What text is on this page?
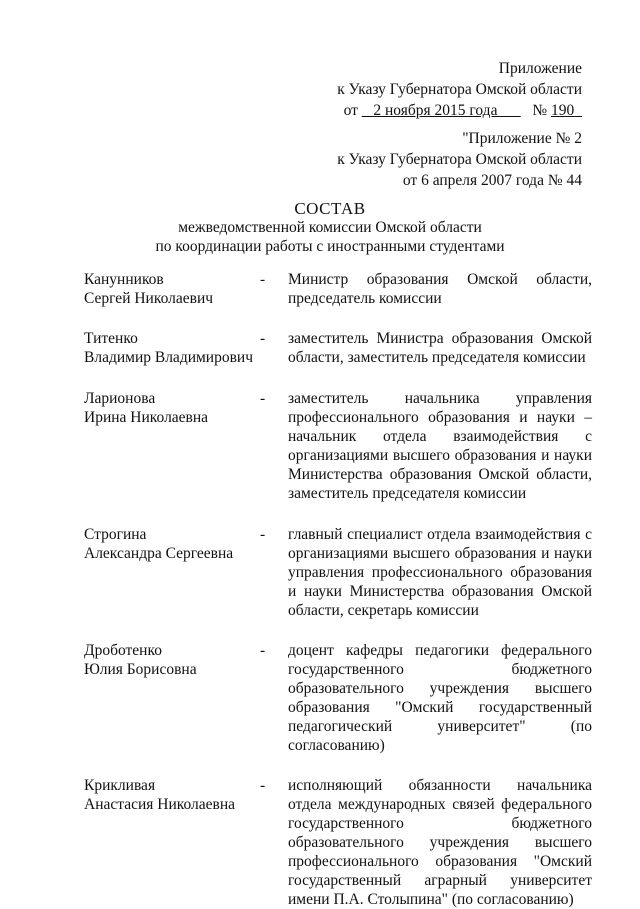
Приложение
к Указу Губернатора Омской области
от 2 ноября 2015 года № 190
"Приложение № 2
к Указу Губернатора Омской области
от 6 апреля 2007 года № 44
СОСТАВ
межведомственной комиссии Омской области
по координации работы с иностранными студентами
Канунников
Сергей Николаевич
-	Министр образования Омской области, председатель комиссии
Титенко
Владимир Владимирович
-	заместитель Министра образования Омской области, заместитель председателя комиссии
Ларионова
Ирина Николаевна
-	заместитель начальника управления профессионального образования и науки – начальник отдела взаимодействия с организациями высшего образования и науки Министерства образования Омской области, заместитель председателя комиссии
Строгина
Александра Сергеевна
-	главный специалист отдела взаимодействия с организациями высшего образования и науки управления профессионального образования и науки Министерства образования Омской области, секретарь комиссии
Дроботенко
Юлия Борисовна
-	доцент кафедры педагогики федерального государственного бюджетного образовательного учреждения высшего образования "Омский государственный педагогический университет" (по согласованию)
Крикливая
Анастасия Николаевна
-	исполняющий обязанности начальника отдела международных связей федерального государственного бюджетного образовательного учреждения высшего профессионального образования "Омский государственный аграрный университет имени П.А. Столыпина" (по согласованию)
